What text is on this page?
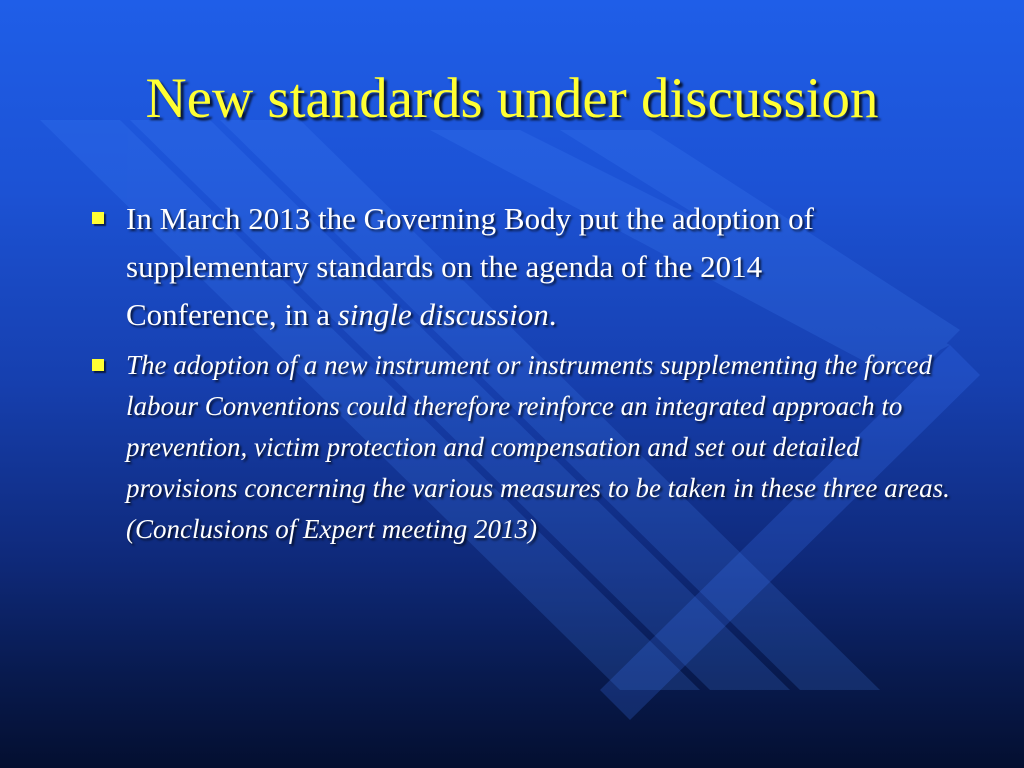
New standards under discussion
In March 2013 the Governing Body put the adoption of supplementary standards on the agenda of the 2014 Conference, in a single discussion.
The adoption of a new instrument or instruments supplementing the forced labour Conventions could therefore reinforce an integrated approach to prevention, victim protection and compensation and set out detailed provisions concerning the various measures to be taken in these three areas. (Conclusions of Expert meeting 2013)
